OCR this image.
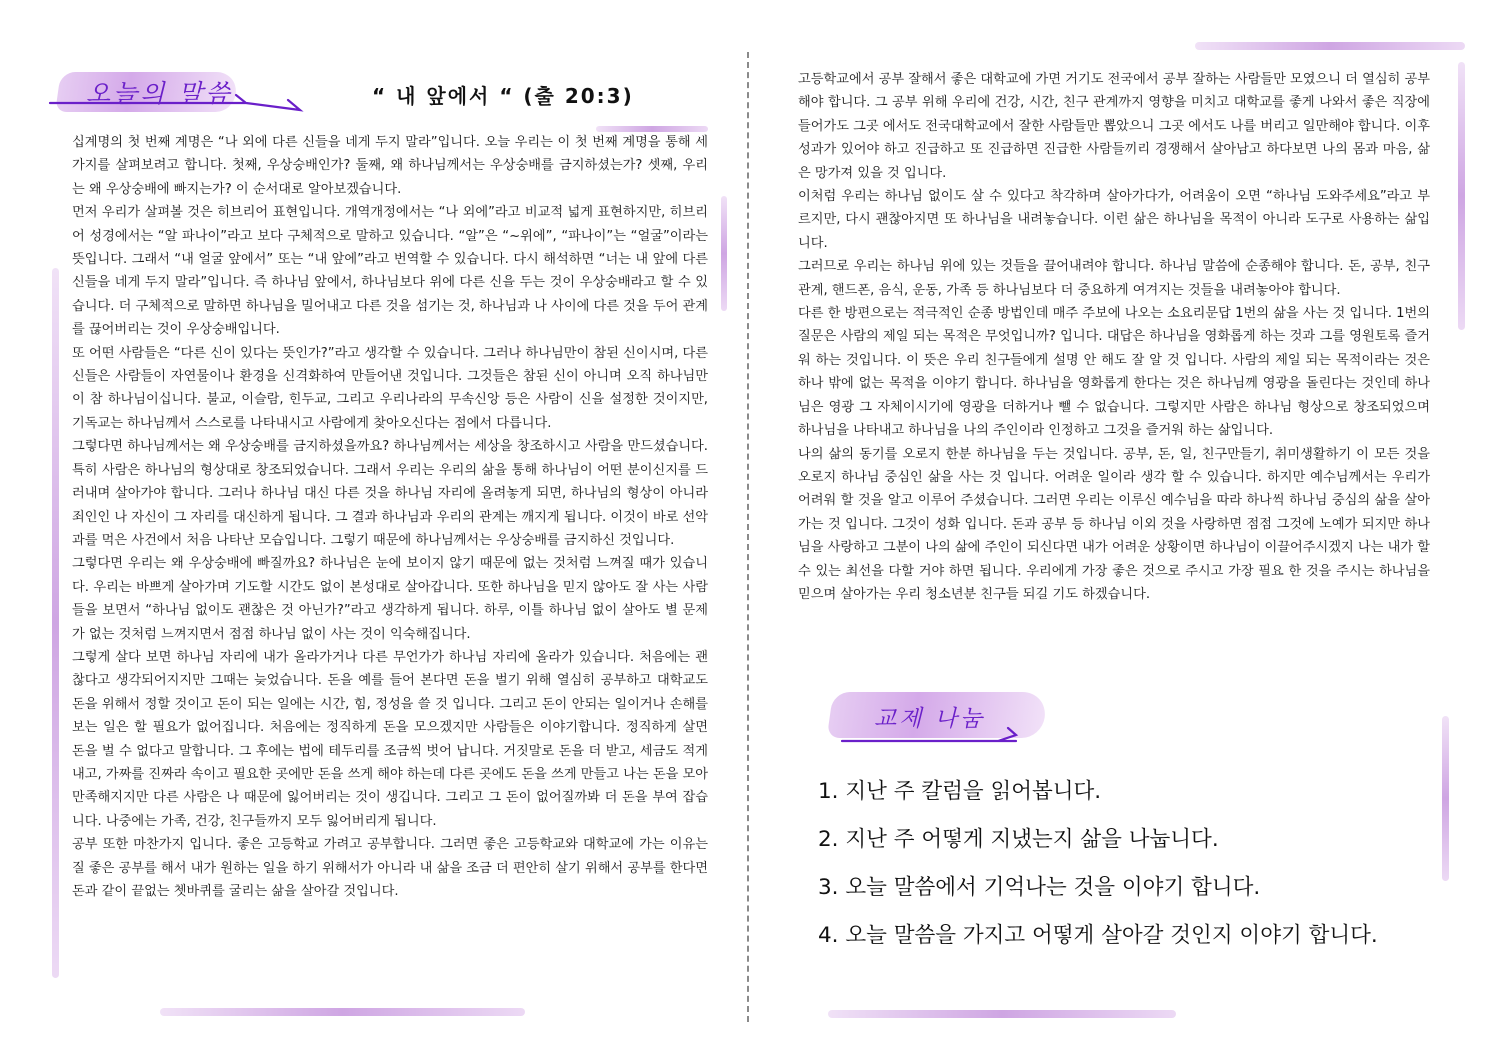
오늘의 말씀	“ 내 앞에서 “ (출 20:3)

십계명의 첫 번째 계명은 “나 외에 다른 신들을 네게 두지 말라”입니다. 오늘 우리는 이 첫 번째 계명을 통해 세 가지를 살펴보려고 합니다. 첫째, 우상숭배인가? 둘째, 왜 하나님께서는 우상숭배를 금지하셨는가? 셋째, 우리는 왜 우상숭배에 빠지는가? 이 순서대로 알아보겠습니다.

먼저 우리가 살펴볼 것은 히브리어 표현입니다. 개역개정에서는 “나 외에”라고 비교적 넓게 표현하지만, 히브리어 성경에서는 “알 파나이”라고 보다 구체적으로 말하고 있습니다. “알”은 “~위에”, “파나이”는 “얼굴”이라는 뜻입니다. 그래서 “내 얼굴 앞에서” 또는 “내 앞에”라고 번역할 수 있습니다. 다시 해석하면 “너는 내 앞에 다른 신들을 네게 두지 말라”입니다. 즉 하나님 앞에서, 하나님보다 위에 다른 신을 두는 것이 우상숭배라고 할 수 있습니다. 더 구체적으로 말하면 하나님을 밀어내고 다른 것을 섬기는 것, 하나님과 나 사이에 다른 것을 두어 관계를 끊어버리는 것이 우상숭배입니다.

또 어떤 사람들은 “다른 신이 있다는 뜻인가?”라고 생각할 수 있습니다. 그러나 하나님만이 참된 신이시며, 다른 신들은 사람들이 자연물이나 환경을 신격화하여 만들어낸 것입니다. 그것들은 참된 신이 아니며 오직 하나님만이 참 하나님이십니다. 불교, 이슬람, 힌두교, 그리고 우리나라의 무속신앙 등은 사람이 신을 설정한 것이지만, 기독교는 하나님께서 스스로를 나타내시고 사람에게 찾아오신다는 점에서 다릅니다.

그렇다면 하나님께서는 왜 우상숭배를 금지하셨을까요? 하나님께서는 세상을 창조하시고 사람을 만드셨습니다. 특히 사람은 하나님의 형상대로 창조되었습니다. 그래서 우리는 우리의 삶을 통해 하나님이 어떤 분이신지를 드러내며 살아가야 합니다. 그러나 하나님 대신 다른 것을 하나님 자리에 올려놓게 되면, 하나님의 형상이 아니라 죄인인 나 자신이 그 자리를 대신하게 됩니다. 그 결과 하나님과 우리의 관계는 깨지게 됩니다. 이것이 바로 선악과를 먹은 사건에서 처음 나타난 모습입니다. 그렇기 때문에 하나님께서는 우상숭배를 금지하신 것입니다.

그렇다면 우리는 왜 우상숭배에 빠질까요? 하나님은 눈에 보이지 않기 때문에 없는 것처럼 느껴질 때가 있습니다. 우리는 바쁘게 살아가며 기도할 시간도 없이 본성대로 살아갑니다. 또한 하나님을 믿지 않아도 잘 사는 사람들을 보면서 “하나님 없이도 괜찮은 것 아닌가?”라고 생각하게 됩니다. 하루, 이틀 하나님 없이 살아도 별 문제가 없는 것처럼 느껴지면서 점점 하나님 없이 사는 것이 익숙해집니다.

그렇게 살다 보면 하나님 자리에 내가 올라가거나 다른 무언가가 하나님 자리에 올라가 있습니다. 처음에는 괜찮다고 생각되어지지만 그때는 늦었습니다. 돈을 예를 들어 본다면 돈을 벌기 위해 열심히 공부하고 대학교도 돈을 위해서 정할 것이고 돈이 되는 일에는 시간, 힘, 정성을 쓸 것 입니다. 그리고 돈이 안되는 일이거나 손해를 보는 일은 할 필요가 없어집니다. 처음에는 정직하게 돈을 모으겠지만 사람들은 이야기합니다. 정직하게 살면 돈을 벌 수 없다고 말합니다. 그 후에는 법에 테두리를 조금씩 벗어 납니다. 거짓말로 돈을 더 받고, 세금도 적게 내고, 가짜를 진짜라 속이고 필요한 곳에만 돈을 쓰게 해야 하는데 다른 곳에도 돈을 쓰게 만들고 나는 돈을 모아 만족해지지만 다른 사람은 나 때문에 잃어버리는 것이 생깁니다. 그리고 그 돈이 없어질까봐 더 돈을 부여 잡습니다. 나중에는 가족, 건강, 친구들까지 모두 잃어버리게 됩니다.

공부 또한 마찬가지 입니다. 좋은 고등학교 가려고 공부합니다. 그러면 좋은 고등학교와 대학교에 가는 이유는 질 좋은 공부를 해서 내가 원하는 일을 하기 위해서가 아니라 내 삶을 조금 더 편안히 살기 위해서 공부를 한다면 돈과 같이 끝없는 쳇바퀴를 굴리는 삶을 살아갈 것입니다.

고등학교에서 공부 잘해서 좋은 대학교에 가면 거기도 전국에서 공부 잘하는 사람들만 모였으니 더 열심히 공부해야 합니다. 그 공부 위해 우리에 건강, 시간, 친구 관계까지 영향을 미치고 대학교를 좋게 나와서 좋은 직장에 들어가도 그곳 에서도 전국대학교에서 잘한 사람들만 뽑았으니 그곳 에서도 나를 버리고 일만해야 합니다. 이후 성과가 있어야 하고 진급하고 또 진급하면 진급한 사람들끼리 경쟁해서 살아남고 하다보면 나의 몸과 마음, 삶은 망가져 있을 것 입니다.

이처럼 우리는 하나님 없이도 살 수 있다고 착각하며 살아가다가, 어려움이 오면 “하나님 도와주세요”라고 부르지만, 다시 괜찮아지면 또 하나님을 내려놓습니다. 이런 삶은 하나님을 목적이 아니라 도구로 사용하는 삶입니다.

그러므로 우리는 하나님 위에 있는 것들을 끌어내려야 합니다. 하나님 말씀에 순종해야 합니다. 돈, 공부, 친구 관계, 핸드폰, 음식, 운동, 가족 등 하나님보다 더 중요하게 여겨지는 것들을 내려놓아야 합니다.

다른 한 방편으로는 적극적인 순종 방법인데 매주 주보에 나오는 소요리문답 1번의 삶을 사는 것 입니다. 1번의 질문은 사람의 제일 되는 목적은 무엇입니까? 입니다. 대답은 하나님을 영화롭게 하는 것과 그를 영원토록 즐거워 하는 것입니다. 이 뜻은 우리 친구들에게 설명 안 해도 잘 알 것 입니다. 사람의 제일 되는 목적이라는 것은 하나 밖에 없는 목적을 이야기 합니다. 하나님을 영화롭게 한다는 것은 하나님께 영광을 돌린다는 것인데 하나님은 영광 그 자체이시기에 영광을 더하거나 뺄 수 없습니다. 그렇지만 사람은 하나님 형상으로 창조되었으며 하나님을 나타내고 하나님을 나의 주인이라 인정하고 그것을 즐거워 하는 삶입니다.

나의 삶의 동기를 오로지 한분 하나님을 두는 것입니다. 공부, 돈, 일, 친구만들기, 취미생활하기 이 모든 것을 오로지 하나님 중심인 삶을 사는 것 입니다. 어려운 일이라 생각 할 수 있습니다. 하지만 예수님께서는 우리가 어려워 할 것을 알고 이루어 주셨습니다. 그러면 우리는 이루신 예수님을 따라 하나씩 하나님 중심의 삶을 살아가는 것 입니다. 그것이 성화 입니다. 돈과 공부 등 하나님 이외 것을 사랑하면 점점 그것에 노예가 되지만 하나님을 사랑하고 그분이 나의 삶에 주인이 되신다면 내가 어려운 상황이면 하나님이 이끌어주시겠지 나는 내가 할 수 있는 최선을 다할 거야 하면 됩니다. 우리에게 가장 좋은 것으로 주시고 가장 필요 한 것을 주시는 하나님을 믿으며 살아가는 우리 청소년분 친구들 되길 기도 하겠습니다.

교제 나눔
1. 지난 주 칼럼을 읽어봅니다.
2. 지난 주 어떻게 지냈는지 삶을 나눕니다.
3. 오늘 말씀에서 기억나는 것을 이야기 합니다.
4. 오늘 말씀을 가지고 어떻게 살아갈 것인지 이야기 합니다.
